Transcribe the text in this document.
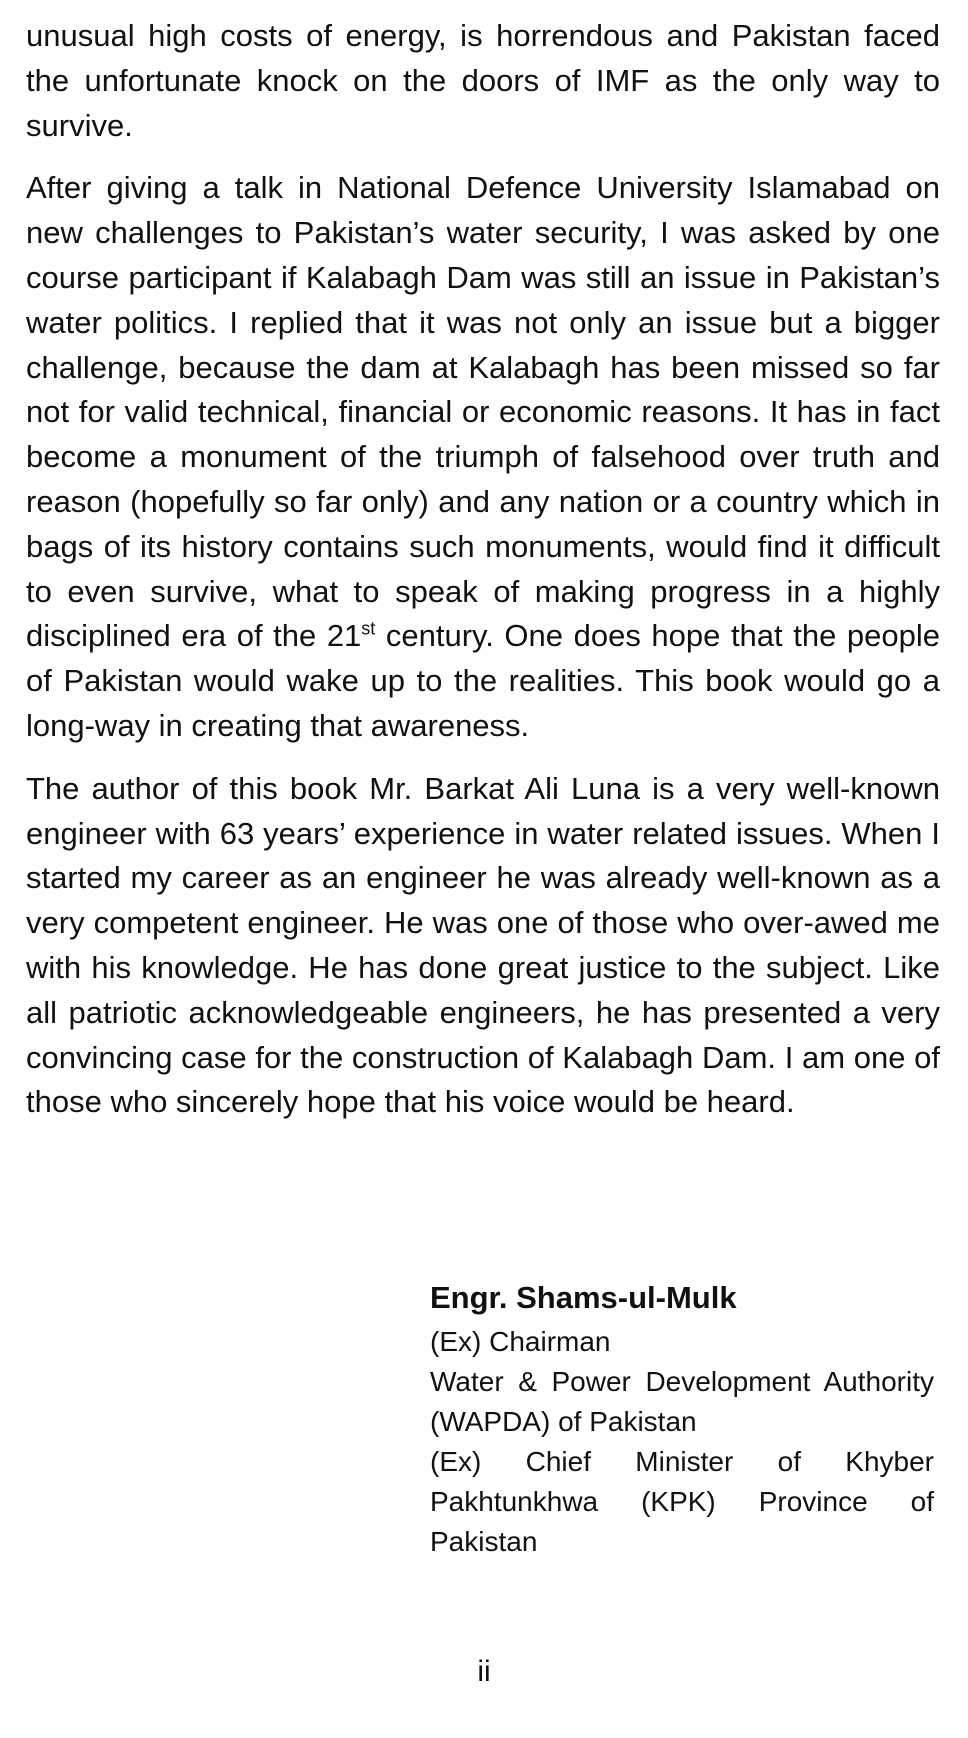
unusual high costs of energy, is horrendous and Pakistan faced the unfortunate knock on the doors of IMF as the only way to survive.

After giving a talk in National Defence University Islamabad on new challenges to Pakistan’s water security, I was asked by one course participant if Kalabagh Dam was still an issue in Pakistan’s water politics. I replied that it was not only an issue but a bigger challenge, because the dam at Kalabagh has been missed so far not for valid technical, financial or economic reasons. It has in fact become a monument of the triumph of falsehood over truth and reason (hopefully so far only) and any nation or a country which in bags of its history contains such monuments, would find it difficult to even survive, what to speak of making progress in a highly disciplined era of the 21st century. One does hope that the people of Pakistan would wake up to the realities. This book would go a long-way in creating that awareness.

The author of this book Mr. Barkat Ali Luna is a very well-known engineer with 63 years’ experience in water related issues. When I started my career as an engineer he was already well-known as a very competent engineer. He was one of those who over-awed me with his knowledge. He has done great justice to the subject. Like all patriotic acknowledgeable engineers, he has presented a very convincing case for the construction of Kalabagh Dam. I am one of those who sincerely hope that his voice would be heard.

Engr. Shams-ul-Mulk

(Ex) Chairman

Water & Power Development Authority (WAPDA) of Pakistan

(Ex) Chief Minister of Khyber Pakhtunkhwa (KPK) Province of Pakistan

ii
